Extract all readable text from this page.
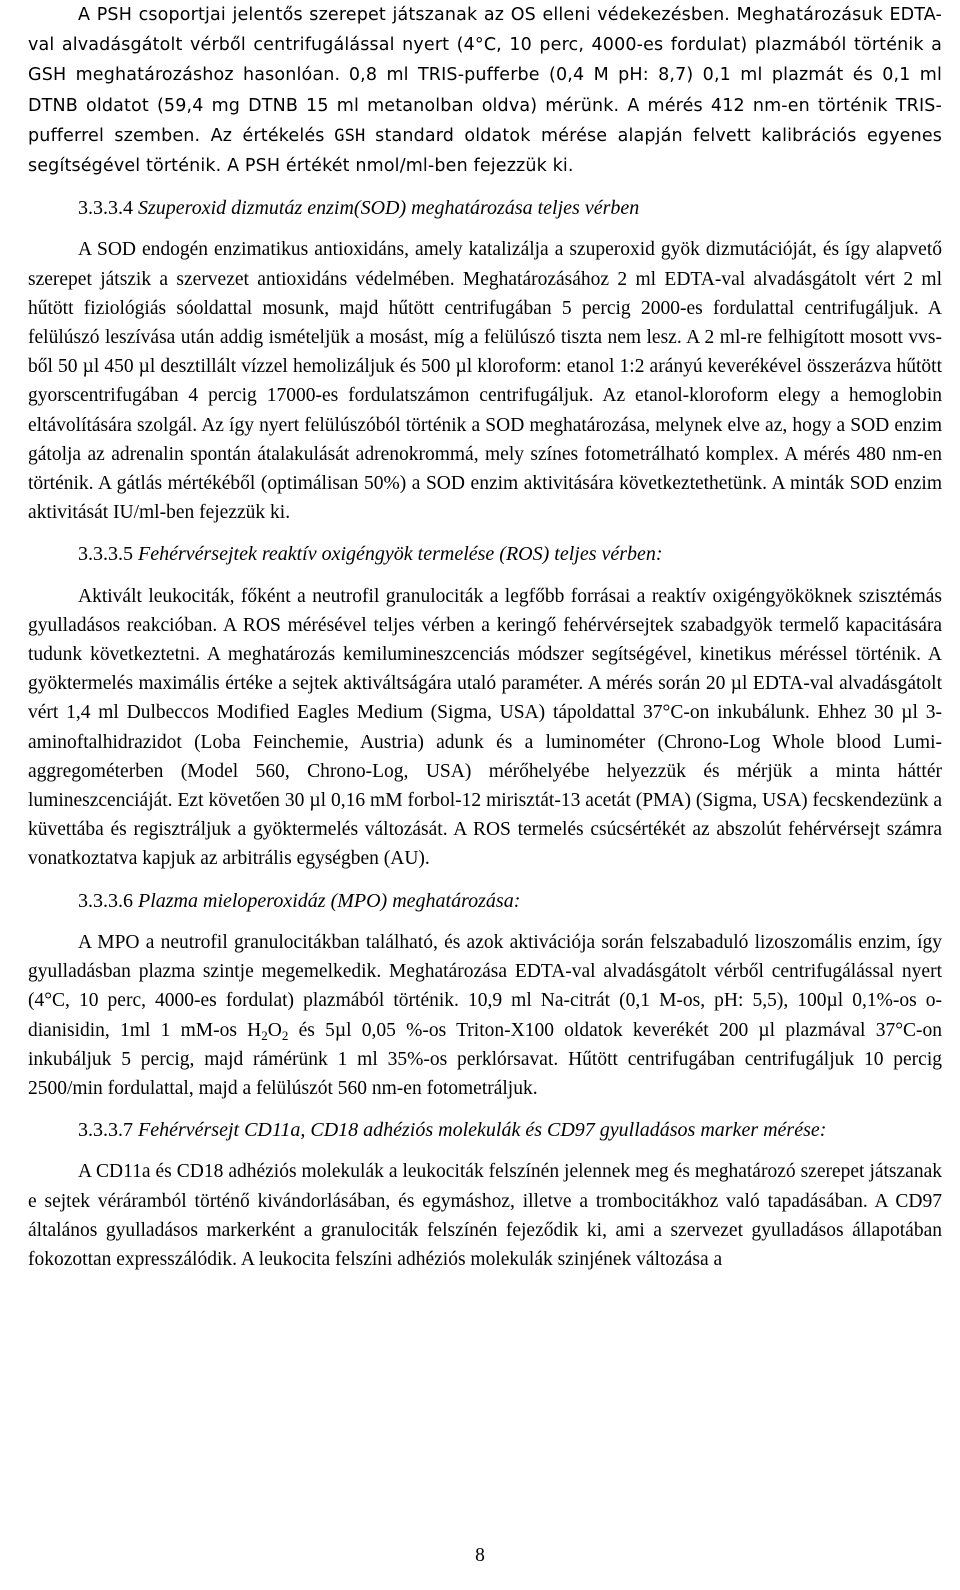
A PSH csoportjai jelentős szerepet játszanak az OS elleni védekezésben. Meghatározásuk EDTA-val alvadásgátolt vérből centrifugálással nyert (4°C, 10 perc, 4000-es fordulat) plazmából történik a GSH meghatározáshoz hasonlóan. 0,8 ml TRIS-pufferbe (0,4 M pH: 8,7) 0,1 ml plazmát és 0,1 ml DTNB oldatot (59,4 mg DTNB 15 ml metanolban oldva) mérünk. A mérés 412 nm-en történik TRIS-pufferrel szemben. Az értékelés GSH standard oldatok mérése alapján felvett kalibrációs egyenes segítségével történik. A PSH értékét nmol/ml-ben fejezzük ki.

3.3.3.4 Szuperoxid dizmutáz enzim(SOD) meghatározása teljes vérben

A SOD endogén enzimatikus antioxidáns, amely katalizálja a szuperoxid gyök dizmutációját, és így alapvető szerepet játszik a szervezet antioxidáns védelmében. Meghatározásához 2 ml EDTA-val alvadásgátolt vért 2 ml hűtött fiziológiás sóoldattal mosunk, majd hűtött centrifugában 5 percig 2000-es fordulattal centrifugáljuk. A felülúszó leszívása után addig ismételjük a mosást, míg a felülúszó tiszta nem lesz. A 2 ml-re felhigított mosott vvs-ből 50 µl 450 µl desztillált vízzel hemolizáljuk és 500 µl kloroform: etanol 1:2 arányú keverékével összerázva hűtött gyorscentrifugában 4 percig 17000-es fordulatszámon centrifugáljuk. Az etanol-kloroform elegy a hemoglobin eltávolítására szolgál. Az így nyert felülúszóból történik a SOD meghatározása, melynek elve az, hogy a SOD enzim gátolja az adrenalin spontán átalakulását adrenokrommá, mely színes fotometrálható komplex. A mérés 480 nm-en történik. A gátlás mértékéből (optimálisan 50%) a SOD enzim aktivitására következtethetünk. A minták SOD enzim aktivitását IU/ml-ben fejezzük ki.

3.3.3.5 Fehérvérsejtek reaktív oxigéngyök termelése (ROS) teljes vérben:

Aktivált leukociták, főként a neutrofil granulociták a legfőbb forrásai a reaktív oxigéngyököknek szisztémás gyulladásos reakcióban. A ROS mérésével teljes vérben a keringő fehérvérsejtek szabadgyök termelő kapacitására tudunk következtetni. A meghatározás kemilumineszcenciás módszer segítségével, kinetikus méréssel történik. A gyöktermelés maximális értéke a sejtek aktiváltságára utaló paraméter. A mérés során 20 µl EDTA-val alvadásgátolt vért 1,4 ml Dulbeccos Modified Eagles Medium (Sigma, USA) tápoldattal 37°C-on inkubálunk. Ehhez 30 µl 3-aminoftalhidrazidot (Loba Feinchemie, Austria) adunk és a luminométer (Chrono-Log Whole blood Lumi-aggregométerben (Model 560, Chrono-Log, USA) mérőhelyébe helyezzük és mérjük a minta háttér lumineszcenciáját. Ezt követően 30 µl 0,16 mM forbol-12 mirisztát-13 acetát (PMA) (Sigma, USA) fecskendezünk a küvettába és regisztráljuk a gyöktermelés változását. A ROS termelés csúcsértékét az abszolút fehérvérsejt számra vonatkoztatva kapjuk az arbitrális egységben (AU).

3.3.3.6 Plazma mieloperoxidáz (MPO) meghatározása:

A MPO a neutrofil granulocitákban található, és azok aktivációja során felszabaduló lizoszomális enzim, így gyulladásban plazma szintje megemelkedik. Meghatározása EDTA-val alvadásgátolt vérből centrifugálással nyert (4°C, 10 perc, 4000-es fordulat) plazmából történik. 10,9 ml Na-citrát (0,1 M-os, pH: 5,5), 100µl 0,1%-os o-dianisidin, 1ml 1 mM-os $H_2O_2$ és 5µl 0,05 %-os Triton-X100 oldatok keverékét 200 µl plazmával 37°C-on inkubáljuk 5 percig, majd rámérünk 1 ml 35%-os perklórsavat. Hűtött centrifugában centrifugáljuk 10 percig 2500/min fordulattal, majd a felülúszót 560 nm-en fotometráljuk.

3.3.3.7 Fehérvérsejt CD11a, CD18 adhéziós molekulák és CD97 gyulladásos marker mérése:

A CD11a és CD18 adhéziós molekulák a leukociták felszínén jelennek meg és meghatározó szerepet játszanak e sejtek véráramból történő kivándorlásában, és egymáshoz, illetve a trombocitákhoz való tapadásában. A CD97 általános gyulladásos markerként a granulociták felszínén fejeződik ki, ami a szervezet gyulladásos állapotában fokozottan expresszálódik. A leukocita felszíni adhéziós molekulák szinjének változása a

8
